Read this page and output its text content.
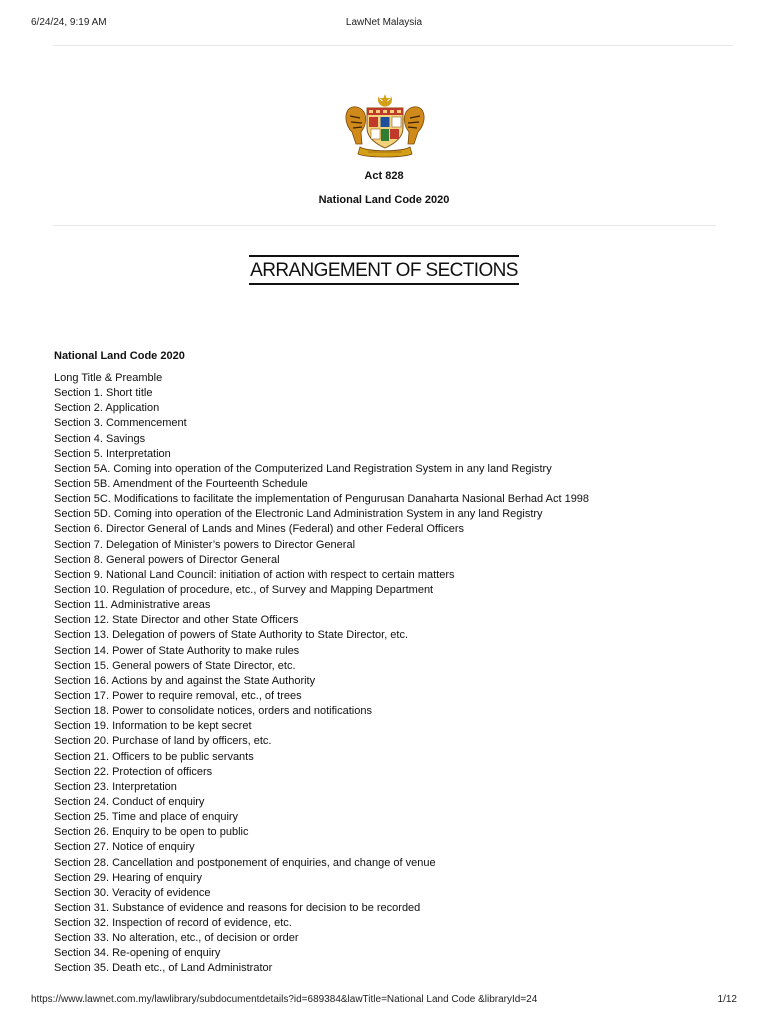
6/24/24, 9:19 AM	LawNet Malaysia
Act 828
National Land Code 2020
ARRANGEMENT OF SECTIONS
National Land Code 2020
Long Title & Preamble
Section 1. Short title
Section 2. Application
Section 3. Commencement
Section 4. Savings
Section 5. Interpretation
Section 5A. Coming into operation of the Computerized Land Registration System in any land Registry
Section 5B. Amendment of the Fourteenth Schedule
Section 5C. Modifications to facilitate the implementation of Pengurusan Danaharta Nasional Berhad Act 1998
Section 5D. Coming into operation of the Electronic Land Administration System in any land Registry
Section 6. Director General of Lands and Mines (Federal) and other Federal Officers
Section 7. Delegation of Minister’s powers to Director General
Section 8. General powers of Director General
Section 9. National Land Council: initiation of action with respect to certain matters
Section 10. Regulation of procedure, etc., of Survey and Mapping Department
Section 11. Administrative areas
Section 12. State Director and other State Officers
Section 13. Delegation of powers of State Authority to State Director, etc.
Section 14. Power of State Authority to make rules
Section 15. General powers of State Director, etc.
Section 16. Actions by and against the State Authority
Section 17. Power to require removal, etc., of trees
Section 18. Power to consolidate notices, orders and notifications
Section 19. Information to be kept secret
Section 20. Purchase of land by officers, etc.
Section 21. Officers to be public servants
Section 22. Protection of officers
Section 23. Interpretation
Section 24. Conduct of enquiry
Section 25. Time and place of enquiry
Section 26. Enquiry to be open to public
Section 27. Notice of enquiry
Section 28. Cancellation and postponement of enquiries, and change of venue
Section 29. Hearing of enquiry
Section 30. Veracity of evidence
Section 31. Substance of evidence and reasons for decision to be recorded
Section 32. Inspection of record of evidence, etc.
Section 33. No alteration, etc., of decision or order
Section 34. Re-opening of enquiry
Section 35. Death etc., of Land Administrator
https://www.lawnet.com.my/lawlibrary/subdocumentdetails?id=689384&lawTitle=National Land Code &libraryId=24	1/12
